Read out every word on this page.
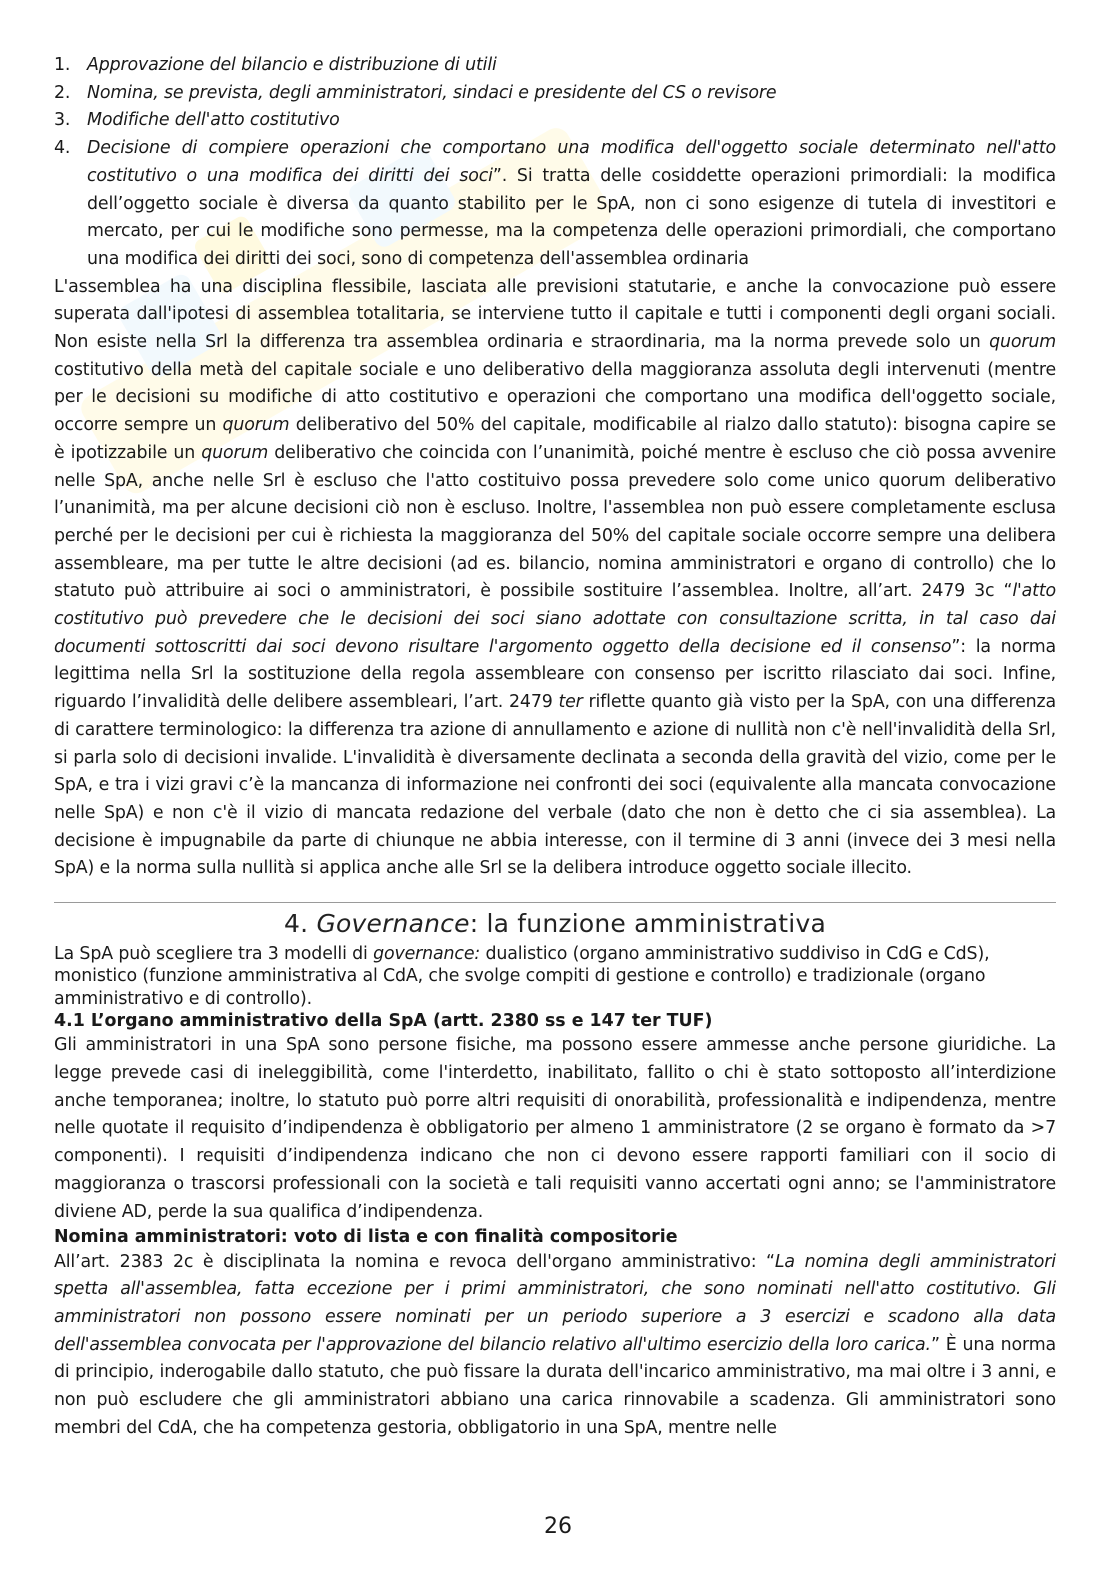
1. Approvazione del bilancio e distribuzione di utili
2. Nomina, se prevista, degli amministratori, sindaci e presidente del CS o revisore
3. Modifiche dell'atto costitutivo
4. Decisione di compiere operazioni che comportano una modifica dell'oggetto sociale determinato nell'atto costitutivo o una modifica dei diritti dei soci”. Si tratta delle cosiddette operazioni primordiali: la modifica dell’oggetto sociale è diversa da quanto stabilito per le SpA, non ci sono esigenze di tutela di investitori e mercato, per cui le modifiche sono permesse, ma la competenza delle operazioni primordiali, che comportano una modifica dei diritti dei soci, sono di competenza dell'assemblea ordinaria

L'assemblea ha una disciplina flessibile, lasciata alle previsioni statutarie, e anche la convocazione può essere superata dall'ipotesi di assemblea totalitaria, se interviene tutto il capitale e tutti i componenti degli organi sociali. Non esiste nella Srl la differenza tra assemblea ordinaria e straordinaria, ma la norma prevede solo un quorum costitutivo della metà del capitale sociale e uno deliberativo della maggioranza assoluta degli intervenuti (mentre per le decisioni su modifiche di atto costitutivo e operazioni che comportano una modifica dell'oggetto sociale, occorre sempre un quorum deliberativo del 50% del capitale, modificabile al rialzo dallo statuto): bisogna capire se è ipotizzabile un quorum deliberativo che coincida con l’unanimità, poiché mentre è escluso che ciò possa avvenire nelle SpA, anche nelle Srl è escluso che l'atto costituivo possa prevedere solo come unico quorum deliberativo l’unanimità, ma per alcune decisioni ciò non è escluso. Inoltre, l'assemblea non può essere completamente esclusa perché per le decisioni per cui è richiesta la maggioranza del 50% del capitale sociale occorre sempre una delibera assembleare, ma per tutte le altre decisioni (ad es. bilancio, nomina amministratori e organo di controllo) che lo statuto può attribuire ai soci o amministratori, è possibile sostituire l’assemblea. Inoltre, all’art. 2479 3c “l'atto costitutivo può prevedere che le decisioni dei soci siano adottate con consultazione scritta, in tal caso dai documenti sottoscritti dai soci devono risultare l'argomento oggetto della decisione ed il consenso”: la norma legittima nella Srl la sostituzione della regola assembleare con consenso per iscritto rilasciato dai soci. Infine, riguardo l’invalidità delle delibere assembleari, l’art. 2479 ter riflette quanto già visto per la SpA, con una differenza di carattere terminologico: la differenza tra azione di annullamento e azione di nullità non c'è nell'invalidità della Srl, si parla solo di decisioni invalide. L'invalidità è diversamente declinata a seconda della gravità del vizio, come per le SpA, e tra i vizi gravi c’è la mancanza di informazione nei confronti dei soci (equivalente alla mancata convocazione nelle SpA) e non c'è il vizio di mancata redazione del verbale (dato che non è detto che ci sia assemblea). La decisione è impugnabile da parte di chiunque ne abbia interesse, con il termine di 3 anni (invece dei 3 mesi nella SpA) e la norma sulla nullità si applica anche alle Srl se la delibera introduce oggetto sociale illecito.

4. Governance: la funzione amministrativa

La SpA può scegliere tra 3 modelli di governance: dualistico (organo amministrativo suddiviso in CdG e CdS), monistico (funzione amministrativa al CdA, che svolge compiti di gestione e controllo) e tradizionale (organo amministrativo e di controllo).

4.1 L’organo amministrativo della SpA (artt. 2380 ss e 147 ter TUF)

Gli amministratori in una SpA sono persone fisiche, ma possono essere ammesse anche persone giuridiche. La legge prevede casi di ineleggibilità, come l'interdetto, inabilitato, fallito o chi è stato sottoposto all’interdizione anche temporanea; inoltre, lo statuto può porre altri requisiti di onorabilità, professionalità e indipendenza, mentre nelle quotate il requisito d’indipendenza è obbligatorio per almeno 1 amministratore (2 se organo è formato da >7 componenti). I requisiti d’indipendenza indicano che non ci devono essere rapporti familiari con il socio di maggioranza o trascorsi professionali con la società e tali requisiti vanno accertati ogni anno; se l'amministratore diviene AD, perde la sua qualifica d’indipendenza.

Nomina amministratori: voto di lista e con finalità compositorie

All’art. 2383 2c è disciplinata la nomina e revoca dell'organo amministrativo: “La nomina degli amministratori spetta all'assemblea, fatta eccezione per i primi amministratori, che sono nominati nell'atto costitutivo. Gli amministratori non possono essere nominati per un periodo superiore a 3 esercizi e scadono alla data dell'assemblea convocata per l'approvazione del bilancio relativo all'ultimo esercizio della loro carica.” È una norma di principio, inderogabile dallo statuto, che può fissare la durata dell'incarico amministrativo, ma mai oltre i 3 anni, e non può escludere che gli amministratori abbiano una carica rinnovabile a scadenza. Gli amministratori sono membri del CdA, che ha competenza gestoria, obbligatorio in una SpA, mentre nelle

26
